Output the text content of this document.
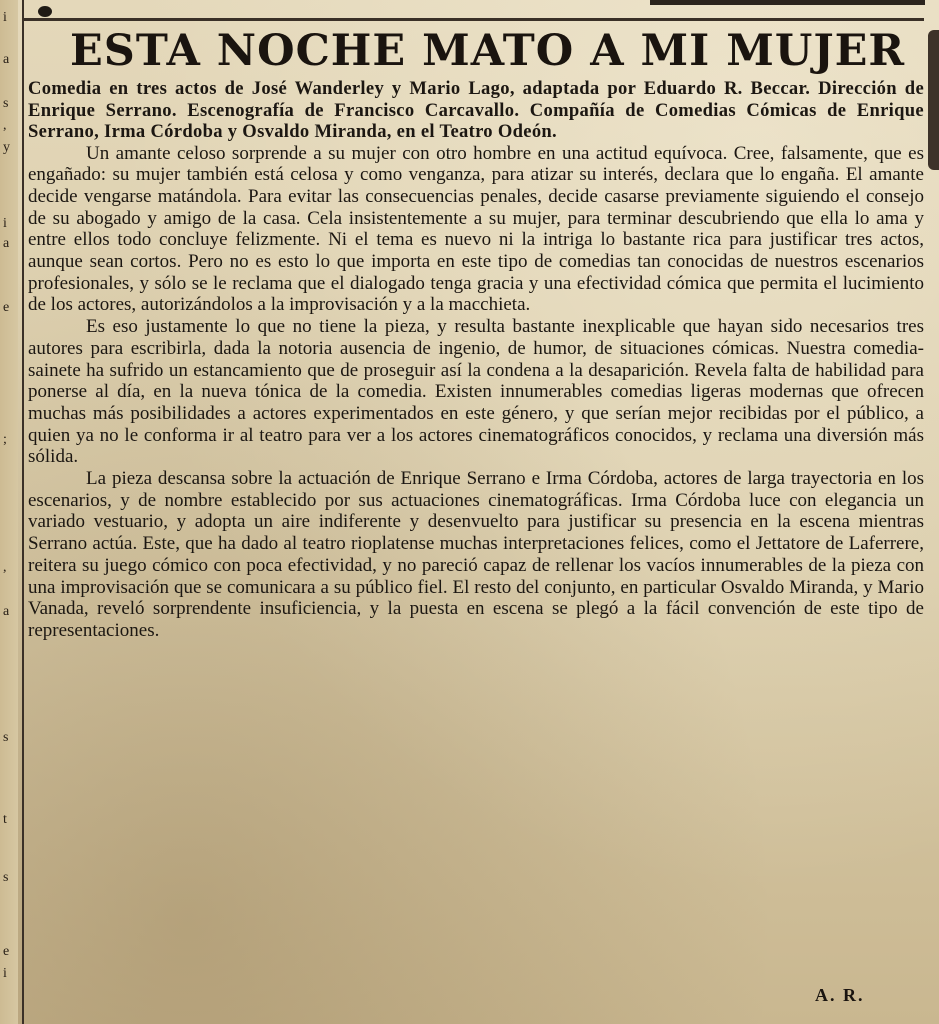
i
a
s
,
y
i
a
e
;
,
a
s
t
s
e
i
ESTA NOCHE MATO A MI MUJER

Comedia en tres actos de José Wanderley y Mario Lago, adaptada por Eduardo R. Beccar. Dirección de Enrique Serrano. Escenografía de Francisco Carcavallo. Compañía de Comedias Cómicas de Enrique Serrano, Irma Córdoba y Osvaldo Miranda, en el Teatro Odeón.

Un amante celoso sorprende a su mujer con otro hombre en una actitud equívoca. Cree, falsamente, que es engañado: su mujer también está celosa y como venganza, para atizar su interés, declara que lo engaña. El amante decide vengarse matándola. Para evitar las consecuencias penales, decide casarse previamente siguiendo el consejo de su abogado y amigo de la casa. Cela insistentemente a su mujer, para terminar descubriendo que ella lo ama y entre ellos todo concluye felizmente. Ni el tema es nuevo ni la intriga lo bastante rica para justificar tres actos, aunque sean cortos. Pero no es esto lo que importa en este tipo de comedias tan conocidas de nuestros escenarios profesionales, y sólo se le reclama que el dialogado tenga gracia y una efectividad cómica que permita el lucimiento de los actores, autorizándolos a la improvisación y a la macchieta.

Es eso justamente lo que no tiene la pieza, y resulta bastante inexplicable que hayan sido necesarios tres autores para escribirla, dada la notoria ausencia de ingenio, de humor, de situaciones cómicas. Nuestra comedia-sainete ha sufrido un estancamiento que de proseguir así la condena a la desaparición. Revela falta de habilidad para ponerse al día, en la nueva tónica de la comedia. Existen innumerables comedias ligeras modernas que ofrecen muchas más posibilidades a actores experimentados en este género, y que serían mejor recibidas por el público, a quien ya no le conforma ir al teatro para ver a los actores cinematográficos conocidos, y reclama una diversión más sólida.

La pieza descansa sobre la actuación de Enrique Serrano e Irma Córdoba, actores de larga trayectoria en los escenarios, y de nombre establecido por sus actuaciones cinematográficas. Irma Córdoba luce con elegancia un variado vestuario, y adopta un aire indiferente y desenvuelto para justificar su presencia en la escena mientras Serrano actúa. Este, que ha dado al teatro rioplatense muchas interpretaciones felices, como el Jettatore de Laferrere, reitera su juego cómico con poca efectividad, y no pareció capaz de rellenar los vacíos innumerables de la pieza con una improvisación que se comunicara a su público fiel. El resto del conjunto, en particular Osvaldo Miranda, y Mario Vanada, reveló sorprendente insuficiencia, y la puesta en escena se plegó a la fácil convención de este tipo de representaciones.

A. R.
